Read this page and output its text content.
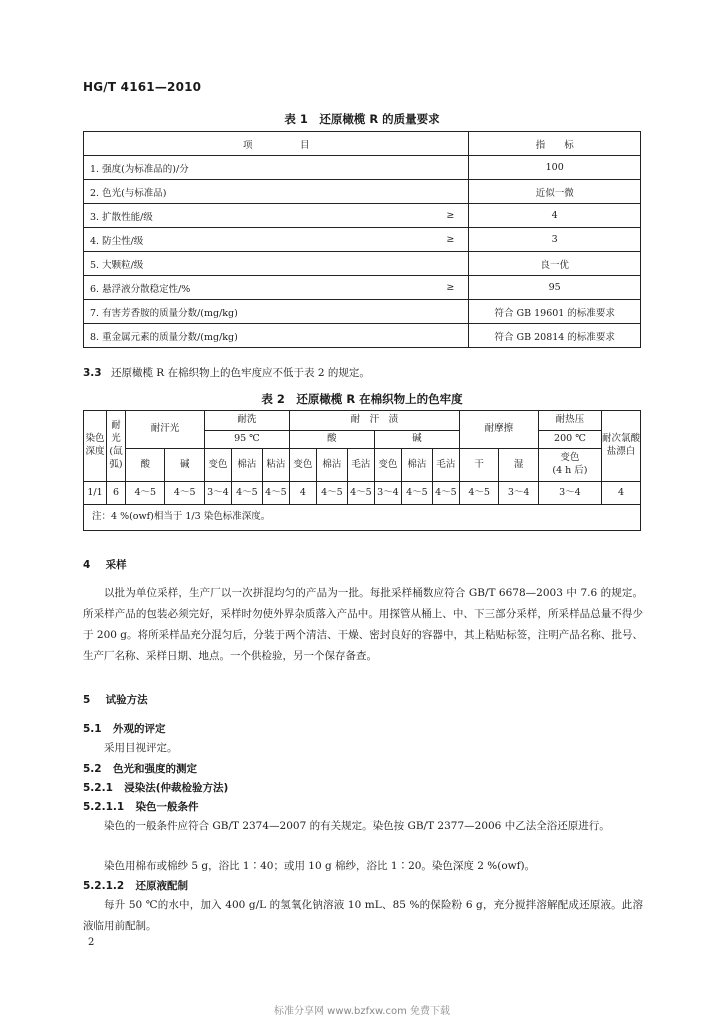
HG/T 4161—2010
表 1　还原橄榄 R 的质量要求
项　　　　　目		指　　标
1. 强度(为标准品的)/分		100
2. 色光(与标准品)		近似一微
3. 扩散性能/级	≥	4
4. 防尘性/级	≥	3
5. 大颗粒/级		良一优
6. 悬浮液分散稳定性/%	≥	95
7. 有害芳香胺的质量分数/(mg/kg)		符合 GB 19601 的标准要求
8. 重金属元素的质量分数/(mg/kg)		符合 GB 20814 的标准要求
3.3 还原橄榄 R 在棉织物上的色牢度应不低于表 2 的规定。
表 2　还原橄榄 R 在棉织物上的色牢度
染色深度	耐光(氙弧)	耐汗光		耐洗			耐　汗　渍						耐摩擦		耐热压	耐次氯酸盐漂白
				95 ℃			酸			碱					200 ℃	
		酸	碱	变色	棉沾	粘沾	变色	棉沾	毛沾	变色	棉沾	毛沾	干	湿	变色
(4 h 后)	

1/1	6	4～5	4～5	3～4	4～5	4～5	4	4～5	4～5	3～4	4～5	4～5	4～5	3～4	3～4	4
注：4 %(owf)相当于 1/3 染色标准深度。																
4 采样
以批为单位采样，生产厂以一次拼混均匀的产品为一批。每批采样桶数应符合 GB/T 6678—2003 中 7.6 的规定。所采样产品的包装必须完好，采样时勿使外界杂质落入产品中。用探管从桶上、中、下三部分采样，所采样品总量不得少于 200 g。将所采样品充分混匀后，分装于两个清洁、干燥、密封良好的容器中，其上粘贴标签，注明产品名称、批号、生产厂名称、采样日期、地点。一个供检验，另一个保存备查。
5 试验方法
5.1 外观的评定
采用目视评定。
5.2 色光和强度的测定
5.2.1 浸染法(仲裁检验方法)
5.2.1.1 染色一般条件
染色的一般条件应符合 GB/T 2374—2007 的有关规定。染色按 GB/T 2377—2006 中乙法全浴还原进行。
染色用棉布或棉纱 5 g，浴比 1∶40；或用 10 g 棉纱，浴比 1∶20。染色深度 2 %(owf)。
5.2.1.2 还原液配制
每升 50 ℃的水中，加入 400 g/L 的氢氧化钠溶液 10 mL、85 %的保险粉 6 g，充分搅拌溶解配成还原液。此溶液临用前配制。
2
标准分享网 www.bzfxw.com 免费下载
